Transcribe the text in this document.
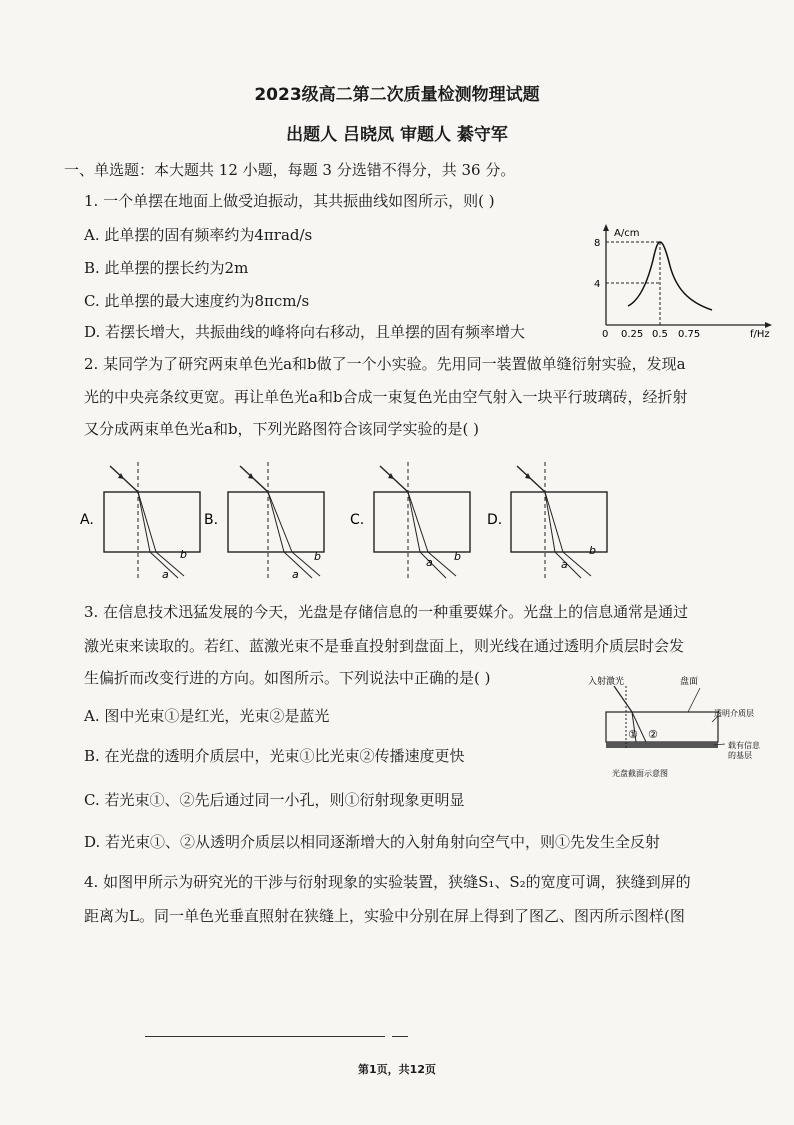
2023级高二第二次质量检测物理试题
出题人 吕晓凤 审题人 綦守军
一、单选题：本大题共 12 小题，每题 3 分选错不得分，共 36 分。
1. 一个单摆在地面上做受迫振动，其共振曲线如图所示，则( )
A. 此单摆的固有频率约为4πrad/s
B. 此单摆的摆长约为2m
C. 此单摆的最大速度约为8πcm/s
D. 若摆长增大，共振曲线的峰将向右移动，且单摆的固有频率增大
A/cm
f/Hz
8
4
0 0.25 0.5 0.75
2. 某同学为了研究两束单色光a和b做了一个小实验。先用同一装置做单缝衍射实验，发现a
光的中央亮条纹更宽。再让单色光a和b合成一束复色光由空气射入一块平行玻璃砖，经折射
又分成两束单色光a和b，下列光路图符合该同学实验的是( )
A.
a
b
B.
a
b
C.
a b
D.
a
b
3. 在信息技术迅猛发展的今天，光盘是存储信息的一种重要媒介。光盘上的信息通常是通过
激光束来读取的。若红、蓝激光束不是垂直投射到盘面上，则光线在通过透明介质层时会发
生偏折而改变行进的方向。如图所示。下列说法中正确的是( )
A. 图中光束①是红光，光束②是蓝光
B. 在光盘的透明介质层中，光束①比光束②传播速度更快
C. 若光束①、②先后通过同一小孔，则①衍射现象更明显
D. 若光束①、②从透明介质层以相同逐渐增大的入射角射向空气中，则①先发生全反射
入射激光	盘面
透明介质层
载有信息
的基层
光盘截面示意图
① ②
4. 如图甲所示为研究光的干涉与衍射现象的实验装置，狭缝S₁、S₂的宽度可调，狭缝到屏的
距离为L。同一单色光垂直照射在狭缝上，实验中分别在屏上得到了图乙、图丙所示图样(图
第1页，共12页
